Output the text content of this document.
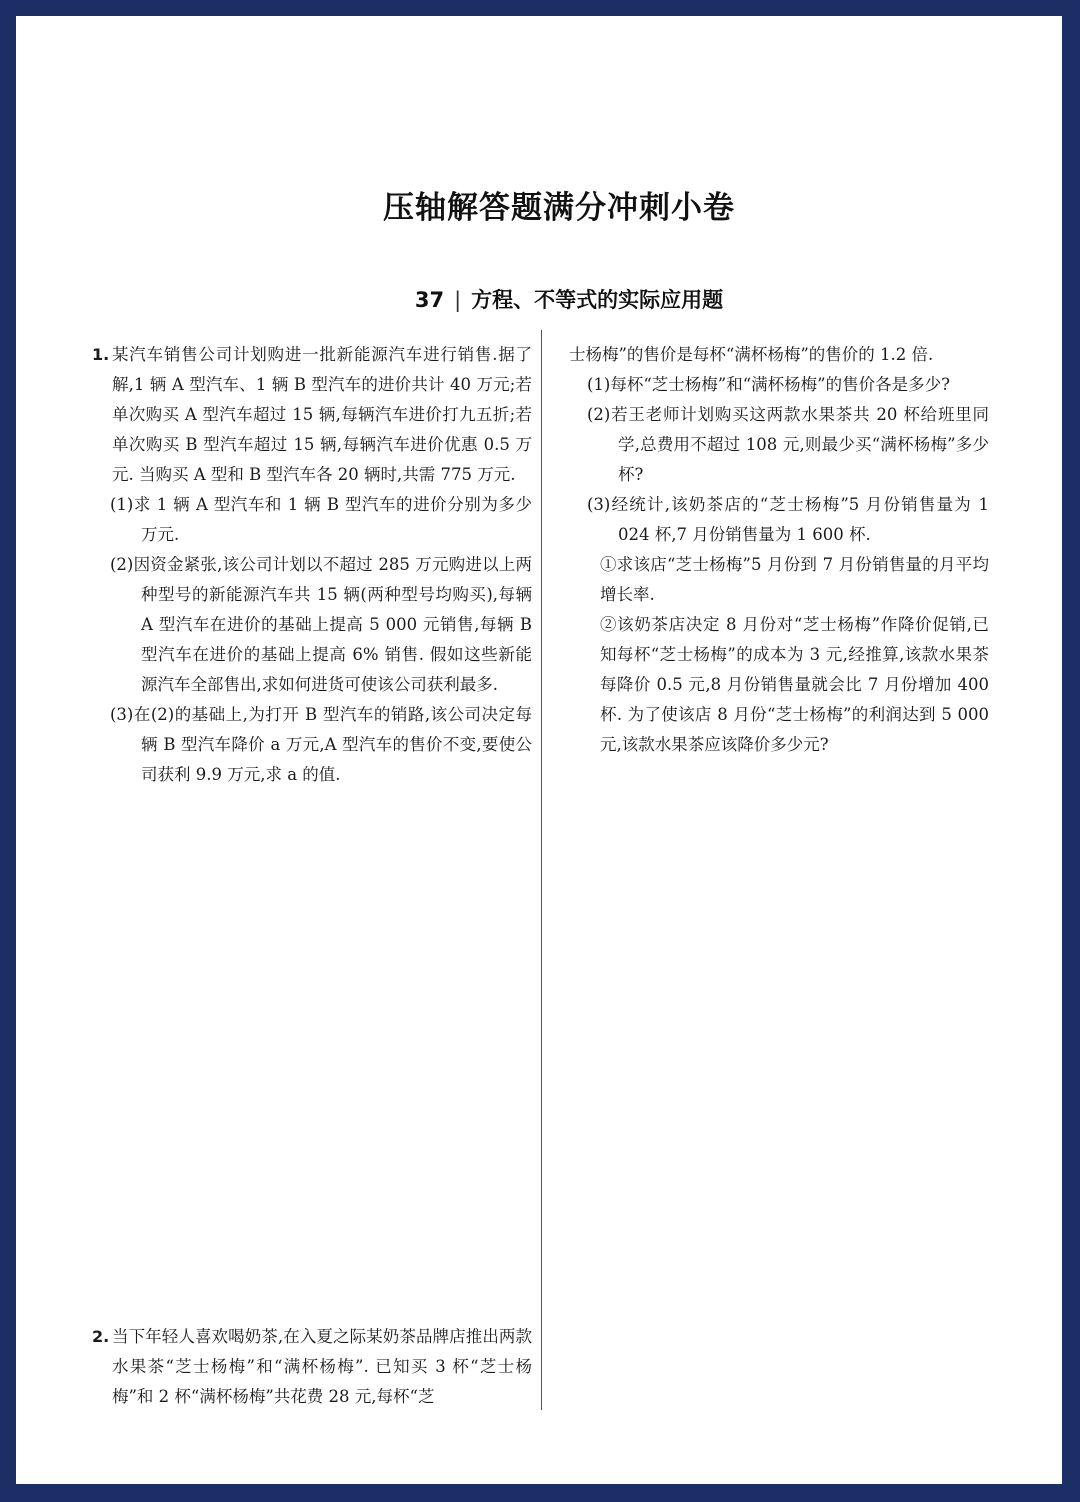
压轴解答题满分冲刺小卷
37 | 方程、不等式的实际应用题
1. 某汽车销售公司计划购进一批新能源汽车进行销售.据了解,1 辆 A 型汽车、1 辆 B 型汽车的进价共计 40 万元;若单次购买 A 型汽车超过 15 辆,每辆汽车进价打九五折;若单次购买 B 型汽车超过 15 辆,每辆汽车进价优惠 0.5 万元. 当购买 A 型和 B 型汽车各 20 辆时,共需 775 万元.
(1)求 1 辆 A 型汽车和 1 辆 B 型汽车的进价分别为多少万元.
(2)因资金紧张,该公司计划以不超过 285 万元购进以上两种型号的新能源汽车共 15 辆(两种型号均购买),每辆 A 型汽车在进价的基础上提高 5 000 元销售,每辆 B 型汽车在进价的基础上提高 6% 销售. 假如这些新能源汽车全部售出,求如何进货可使该公司获利最多.
(3)在(2)的基础上,为打开 B 型汽车的销路,该公司决定每辆 B 型汽车降价 a 万元,A 型汽车的售价不变,要使公司获利 9.9 万元,求 a 的值.
2. 当下年轻人喜欢喝奶茶,在入夏之际某奶茶品牌店推出两款水果茶“芝士杨梅”和“满杯杨梅”. 已知买 3 杯“芝士杨梅”和 2 杯“满杯杨梅”共花费 28 元,每杯“芝
士杨梅”的售价是每杯“满杯杨梅”的售价的 1.2 倍.
(1)每杯“芝士杨梅”和“满杯杨梅”的售价各是多少?
(2)若王老师计划购买这两款水果茶共 20 杯给班里同学,总费用不超过 108 元,则最少买“满杯杨梅”多少杯?
(3)经统计,该奶茶店的“芝士杨梅”5 月份销售量为 1 024 杯,7 月份销售量为 1 600 杯.
①求该店“芝士杨梅”5 月份到 7 月份销售量的月平均增长率.
②该奶茶店决定 8 月份对“芝士杨梅”作降价促销,已知每杯“芝士杨梅”的成本为 3 元,经推算,该款水果茶每降价 0.5 元,8 月份销售量就会比 7 月份增加 400 杯. 为了使该店 8 月份“芝士杨梅”的利润达到 5 000 元,该款水果茶应该降价多少元?
